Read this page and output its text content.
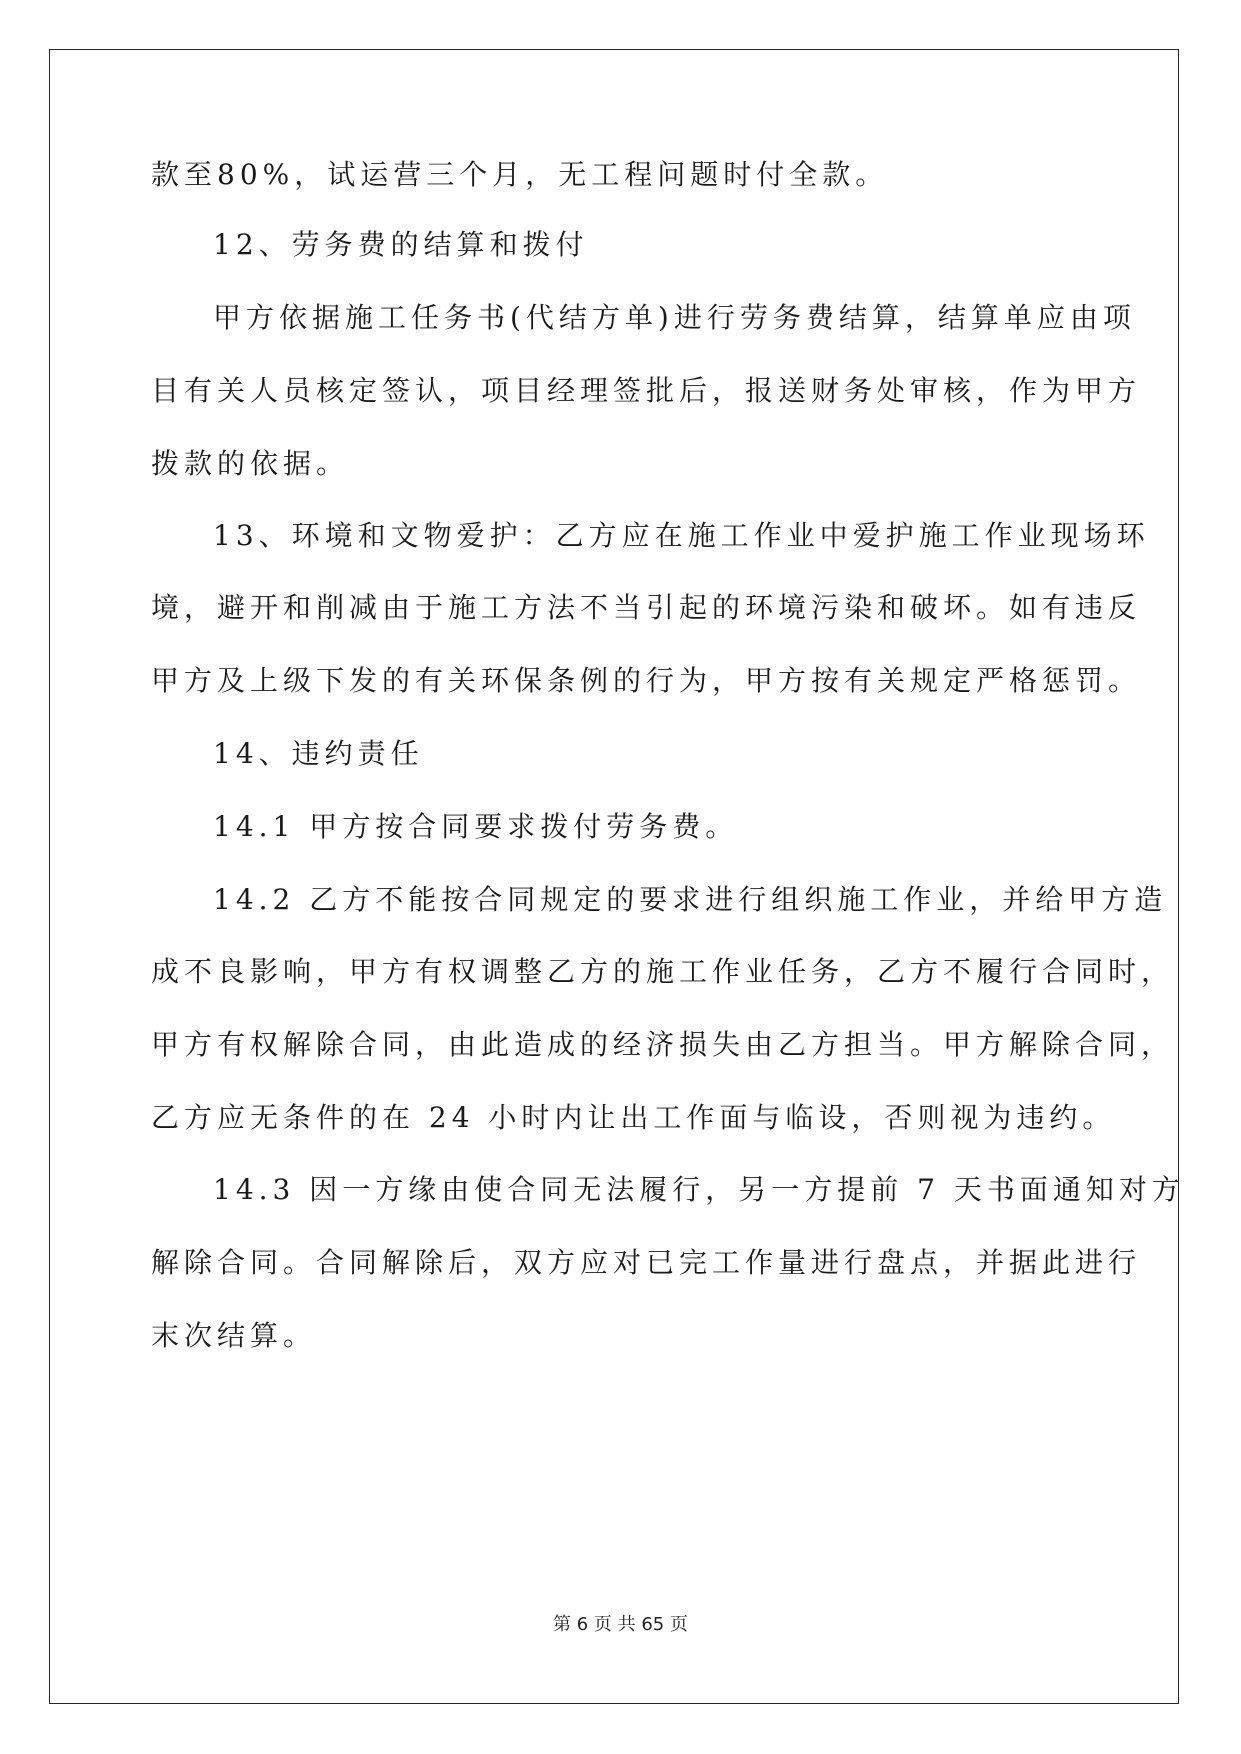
款至80%，试运营三个月，无工程问题时付全款。
12、劳务费的结算和拨付
甲方依据施工任务书(代结方单)进行劳务费结算，结算单应由项
目有关人员核定签认，项目经理签批后，报送财务处审核，作为甲方
拨款的依据。
13、环境和文物爱护：乙方应在施工作业中爱护施工作业现场环
境，避开和削减由于施工方法不当引起的环境污染和破坏。如有违反
甲方及上级下发的有关环保条例的行为，甲方按有关规定严格惩罚。
14、违约责任
14.1 甲方按合同要求拨付劳务费。
14.2 乙方不能按合同规定的要求进行组织施工作业，并给甲方造
成不良影响，甲方有权调整乙方的施工作业任务，乙方不履行合同时，
甲方有权解除合同，由此造成的经济损失由乙方担当。甲方解除合同，
乙方应无条件的在 24 小时内让出工作面与临设，否则视为违约。
14.3 因一方缘由使合同无法履行，另一方提前 7 天书面通知对方
解除合同。合同解除后，双方应对已完工作量进行盘点，并据此进行
末次结算。
第 6 页 共 65 页
